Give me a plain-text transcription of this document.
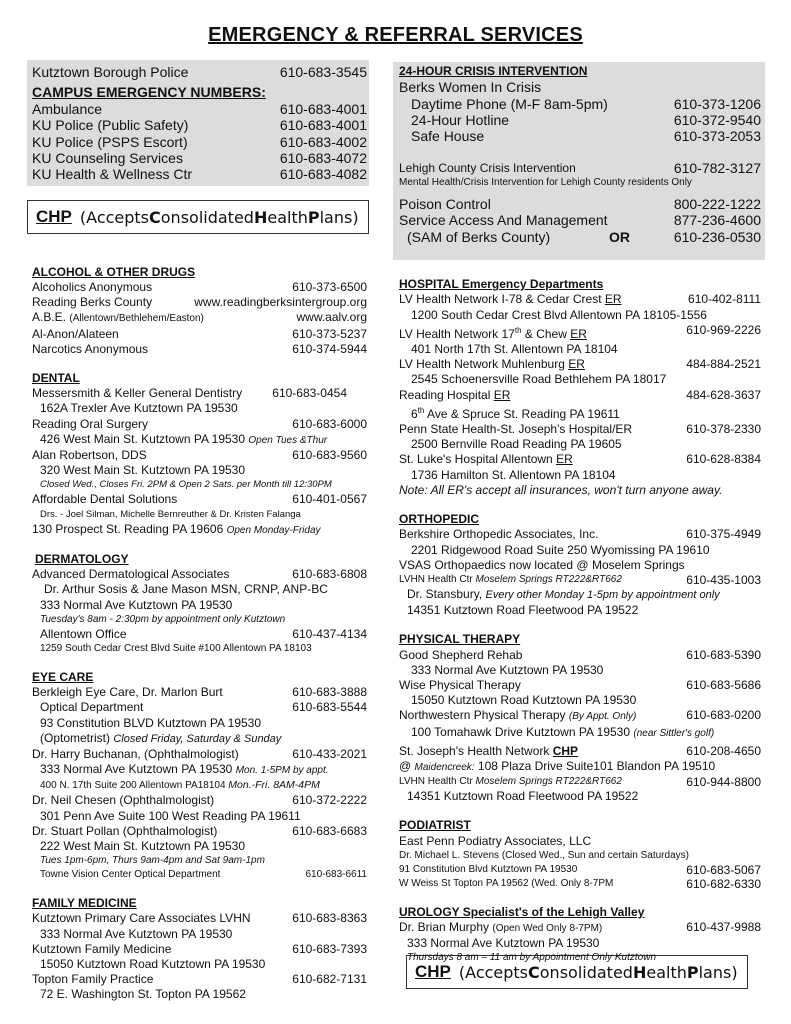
EMERGENCY & REFERRAL SERVICES
CHP (Accepts C onsolidated H ealth P lans)
CHP (Accepts C onsolidated H ealth P lans)
Kutztown Borough Police	610-683-3545
CAMPUS EMERGENCY NUMBERS:
Ambulance	610-683-4001
KU Police (Public Safety)	610-683-4001
KU Police (PSPS Escort)	610-683-4002
KU Counseling Services	610-683-4072
KU Health & Wellness Ctr	610-683-4082
ALCOHOL & OTHER DRUGS
Alcoholics Anonymous	610-373-6500
Reading Berks County	www.readingberksintergroup.org
A.B.E. (Allentown/Bethlehem/Easton)	www.aalv.org
Al-Anon/Alateen	610-373-5237
Narcotics Anonymous	610-374-5944
DENTAL
Messersmith & Keller General Dentistry	610-683-0454
162A Trexler Ave Kutztown PA 19530
Reading Oral Surgery	610-683-6000
426 West Main St. Kutztown PA 19530 Open Tues &Thur
Alan Robertson, DDS	610-683-9560
320 West Main St. Kutztown PA 19530
Closed Wed., Closes Fri. 2PM & Open 2 Sats. per Month till 12:30PM
Affordable Dental Solutions	610-401-0567
Drs. - Joel Silman, Michelle Bernreuther & Dr. Kristen Falanga
130 Prospect St. Reading PA 19606 Open Monday-Friday
DERMATOLOGY
Advanced Dermatological Associates	610-683-6808
Dr. Arthur Sosis & Jane Mason MSN, CRNP, ANP-BC
333 Normal Ave Kutztown PA 19530
Tuesday's 8am - 2:30pm by appointment only Kutztown
Allentown Office	610-437-4134
1259 South Cedar Crest Blvd Suite #100 Allentown PA 18103
EYE CARE
Berkleigh Eye Care, Dr. Marlon Burt	610-683-3888
Optical Department	610-683-5544
93 Constitution BLVD Kutztown PA 19530
(Optometrist) Closed Friday, Saturday & Sunday
Dr. Harry Buchanan, (Ophthalmologist)	610-433-2021
333 Normal Ave Kutztown PA 19530 Mon. 1-5PM by appt.
400 N. 17th Suite 200 Allentown PA18104 Mon.-Fri. 8AM-4PM
Dr. Neil Chesen (Ophthalmologist)	610-372-2222
301 Penn Ave Suite 100 West Reading PA 19611
Dr. Stuart Pollan (Ophthalmologist)	610-683-6683
222 West Main St. Kutztown PA 19530
Tues 1pm-6pm, Thurs 9am-4pm and Sat 9am-1pm
Towne Vision Center Optical Department	610-683-6611
FAMILY MEDICINE
Kutztown Primary Care Associates LVHN	610-683-8363
333 Normal Ave Kutztown PA 19530
Kutztown Family Medicine	610-683-7393
15050 Kutztown Road Kutztown PA 19530
Topton Family Practice	610-682-7131
72 E. Washington St. Topton PA 19562
24-HOUR CRISIS INTERVENTION
Berks Women In Crisis
Daytime Phone (M-F 8am-5pm)	610-373-1206
24-Hour Hotline	610-372-9540
Safe House	610-373-2053
Lehigh County Crisis Intervention	610-782-3127
Mental Health/Crisis Intervention for Lehigh County residents Only
Poison Control	800-222-1222
Service Access And Management	877-236-4600
(SAM of Berks County)	OR	610-236-0530
HOSPITAL Emergency Departments
LV Health Network I-78 & Cedar Crest ER	610-402-8111
1200 South Cedar Crest Blvd Allentown PA 18105-1556
LV Health Network 17th & Chew ER	610-969-2226
401 North 17th St. Allentown PA 18104
LV Health Network Muhlenburg ER	484-884-2521
2545 Schoenersville Road Bethlehem PA 18017
Reading Hospital ER	484-628-3637
6th Ave & Spruce St. Reading PA 19611
Penn State Health-St. Joseph's Hospital/ER	610-378-2330
2500 Bernville Road Reading PA 19605
St. Luke's Hospital Allentown ER	610-628-8384
1736 Hamilton St. Allentown PA 18104
Note: All ER's accept all insurances, won't turn anyone away.
ORTHOPEDIC
Berkshire Orthopedic Associates, Inc.	610-375-4949
2201 Ridgewood Road Suite 250 Wyomissing PA 19610
VSAS Orthopaedics now located @ Moselem Springs
LVHN Health Ctr Moselem Springs RT222&RT662	610-435-1003
Dr. Stansbury, Every other Monday 1-5pm by appointment only
14351 Kutztown Road Fleetwood PA 19522
PHYSICAL THERAPY
Good Shepherd Rehab	610-683-5390
333 Normal Ave Kutztown PA 19530
Wise Physical Therapy	610-683-5686
15050 Kutztown Road Kutztown PA 19530
Northwestern Physical Therapy (By Appt. Only)	610-683-0200
100 Tomahawk Drive Kutztown PA 19530 (near Sittler's golf)
St. Joseph's Health Network CHP	610-208-4650
@ Maidencreek: 108 Plaza Drive Suite101 Blandon PA 19510
LVHN Health Ctr Moselem Springs RT222&RT662	610-944-8800
14351 Kutztown Road Fleetwood PA 19522
PODIATRIST
East Penn Podiatry Associates, LLC
Dr. Michael L. Stevens (Closed Wed., Sun and certain Saturdays)
91 Constitution Blvd Kutztown PA 19530	610-683-5067
W Weiss St Topton PA 19562 (Wed. Only 8-7PM	610-682-6330
UROLOGY Specialist's of the Lehigh Valley
Dr. Brian Murphy (Open Wed Only 8-7PM)	610-437-9988
333 Normal Ave Kutztown PA 19530
Thursdays 8 am – 11 am by Appointment Only Kutztown
